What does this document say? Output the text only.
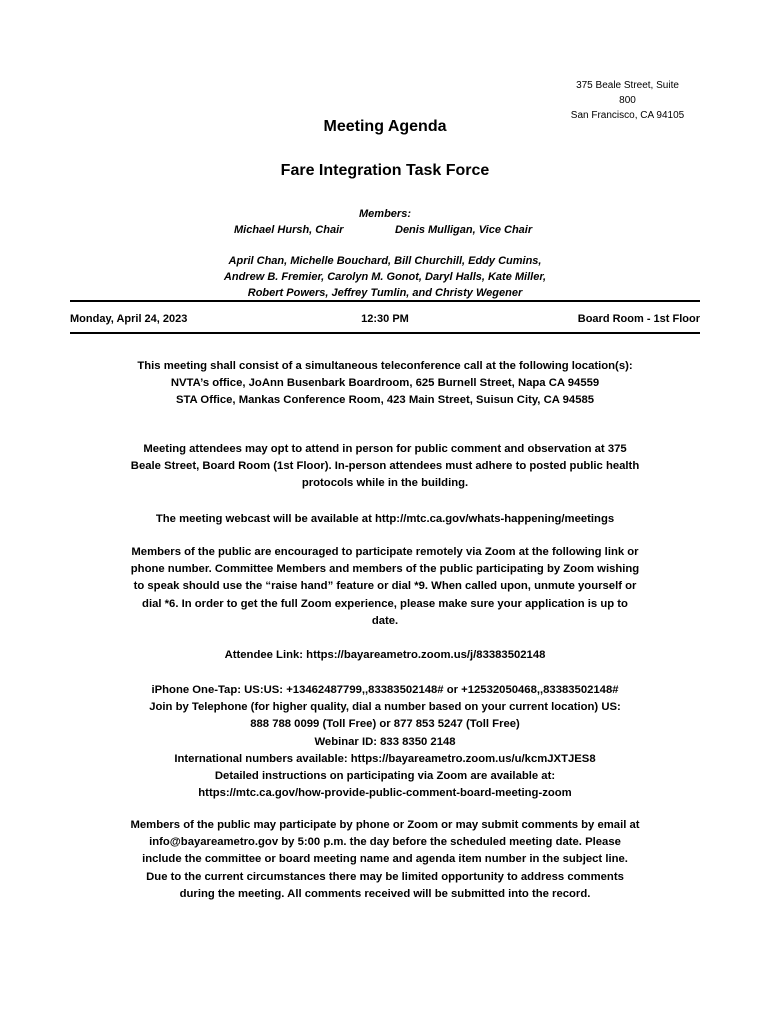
375 Beale Street, Suite
800
San Francisco, CA 94105
Meeting Agenda
Fare Integration Task Force
Members:
Michael Hursh, Chair	Denis Mulligan, Vice Chair
April Chan, Michelle Bouchard, Bill Churchill, Eddy Cumins,
Andrew B. Fremier, Carolyn M. Gonot, Daryl Halls, Kate Miller,
Robert Powers, Jeffrey Tumlin, and Christy Wegener
Monday, April 24, 2023	12:30 PM	Board Room - 1st Floor
This meeting shall consist of a simultaneous teleconference call at the following location(s):
NVTA’s office, JoAnn Busenbark Boardroom, 625 Burnell Street, Napa CA 94559
STA Office, Mankas Conference Room, 423 Main Street, Suisun City, CA 94585
Meeting attendees may opt to attend in person for public comment and observation at 375
Beale Street, Board Room (1st Floor). In-person attendees must adhere to posted public health
protocols while in the building.
The meeting webcast will be available at http://mtc.ca.gov/whats-happening/meetings
Members of the public are encouraged to participate remotely via Zoom at the following link or
phone number. Committee Members and members of the public participating by Zoom wishing
to speak should use the “raise hand” feature or dial *9. When called upon, unmute yourself or
dial *6. In order to get the full Zoom experience, please make sure your application is up to
date.
Attendee Link: https://bayareametro.zoom.us/j/83383502148
iPhone One-Tap: US:US: +13462487799,,83383502148# or +12532050468,,83383502148#
Join by Telephone (for higher quality, dial a number based on your current location) US:
888 788 0099 (Toll Free) or 877 853 5247 (Toll Free)
Webinar ID: 833 8350 2148
International numbers available: https://bayareametro.zoom.us/u/kcmJXTJES8
Detailed instructions on participating via Zoom are available at:
https://mtc.ca.gov/how-provide-public-comment-board-meeting-zoom
Members of the public may participate by phone or Zoom or may submit comments by email at
info@bayareametro.gov by 5:00 p.m. the day before the scheduled meeting date. Please
include the committee or board meeting name and agenda item number in the subject line.
Due to the current circumstances there may be limited opportunity to address comments
during the meeting. All comments received will be submitted into the record.
